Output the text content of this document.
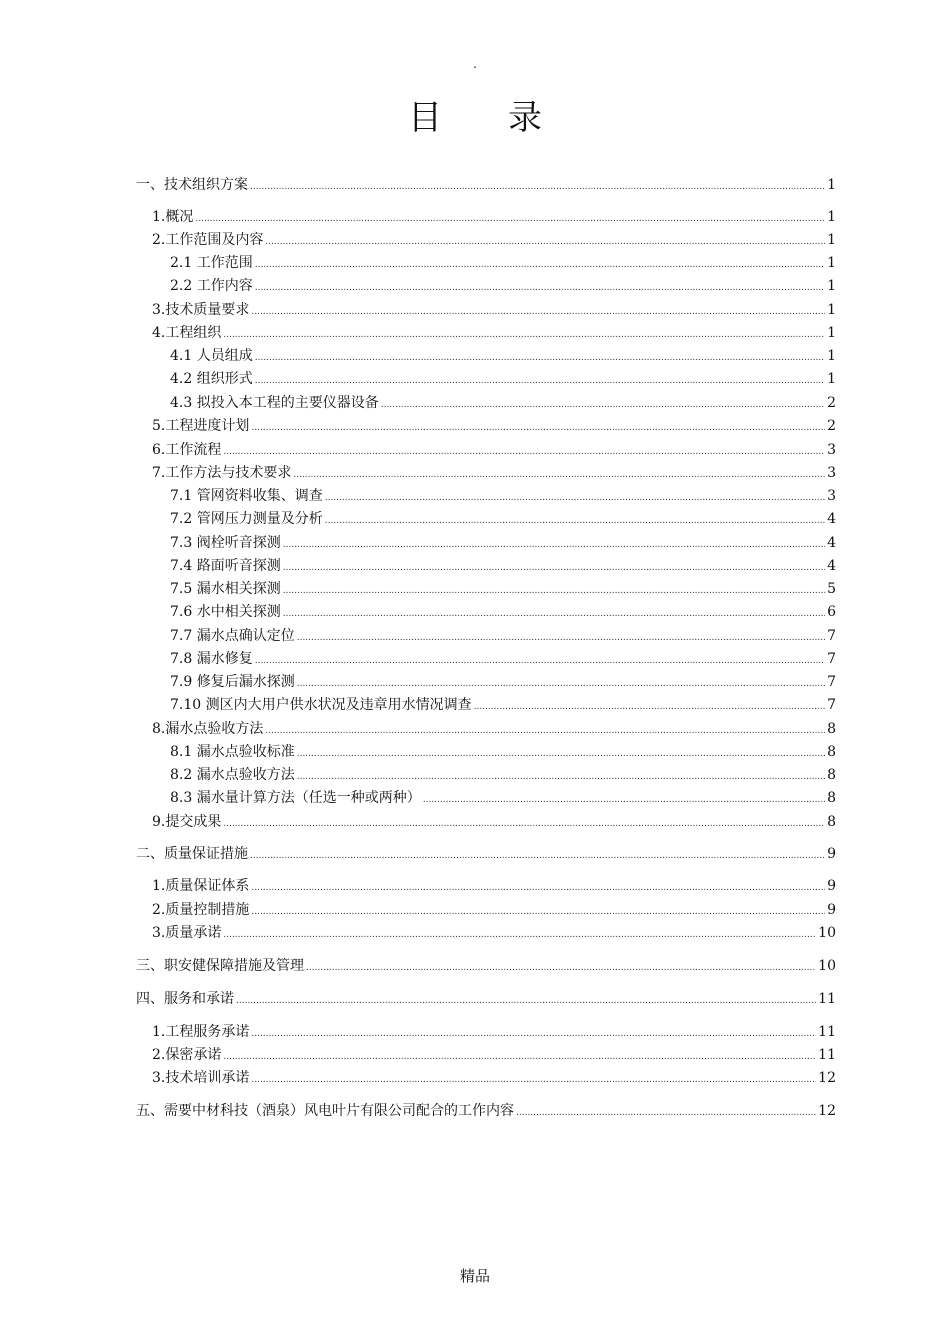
.
目 录
一、技术组织方案 .....	1
1.概况 .....	1
2.工作范围及内容 .....	1
2.1 工作范围 .....	1
2.2 工作内容 .....	1
3.技术质量要求 .....	1
4.工程组织 .....	1
4.1 人员组成 .....	1
4.2 组织形式 .....	1
4.3 拟投入本工程的主要仪器设备 .....	2
5.工程进度计划 .....	2
6.工作流程 .....	3
7.工作方法与技术要求 .....	3
7.1 管网资料收集、调查 .....	3
7.2 管网压力测量及分析 .....	4
7.3 阀栓听音探测 .....	4
7.4 路面听音探测 .....	4
7.5 漏水相关探测 .....	5
7.6 水中相关探测 .....	6
7.7 漏水点确认定位 .....	7
7.8 漏水修复 .....	7
7.9 修复后漏水探测 .....	7
7.10 测区内大用户供水状况及违章用水情况调查 .....	7
8.漏水点验收方法 .....	8
8.1 漏水点验收标准 .....	8
8.2 漏水点验收方法 .....	8
8.3 漏水量计算方法（任选一种或两种） .....	8
9.提交成果 .....	8
二、质量保证措施 .....	9
1.质量保证体系 .....	9
2.质量控制措施 .....	9
3.质量承诺 .....	10
三、职安健保障措施及管理 .....	10
四、服务和承诺 .....	11
1.工程服务承诺 .....	11
2.保密承诺 .....	11
3.技术培训承诺 .....	12
五、需要中材科技（酒泉）风电叶片有限公司配合的工作内容 .....	12
精品
